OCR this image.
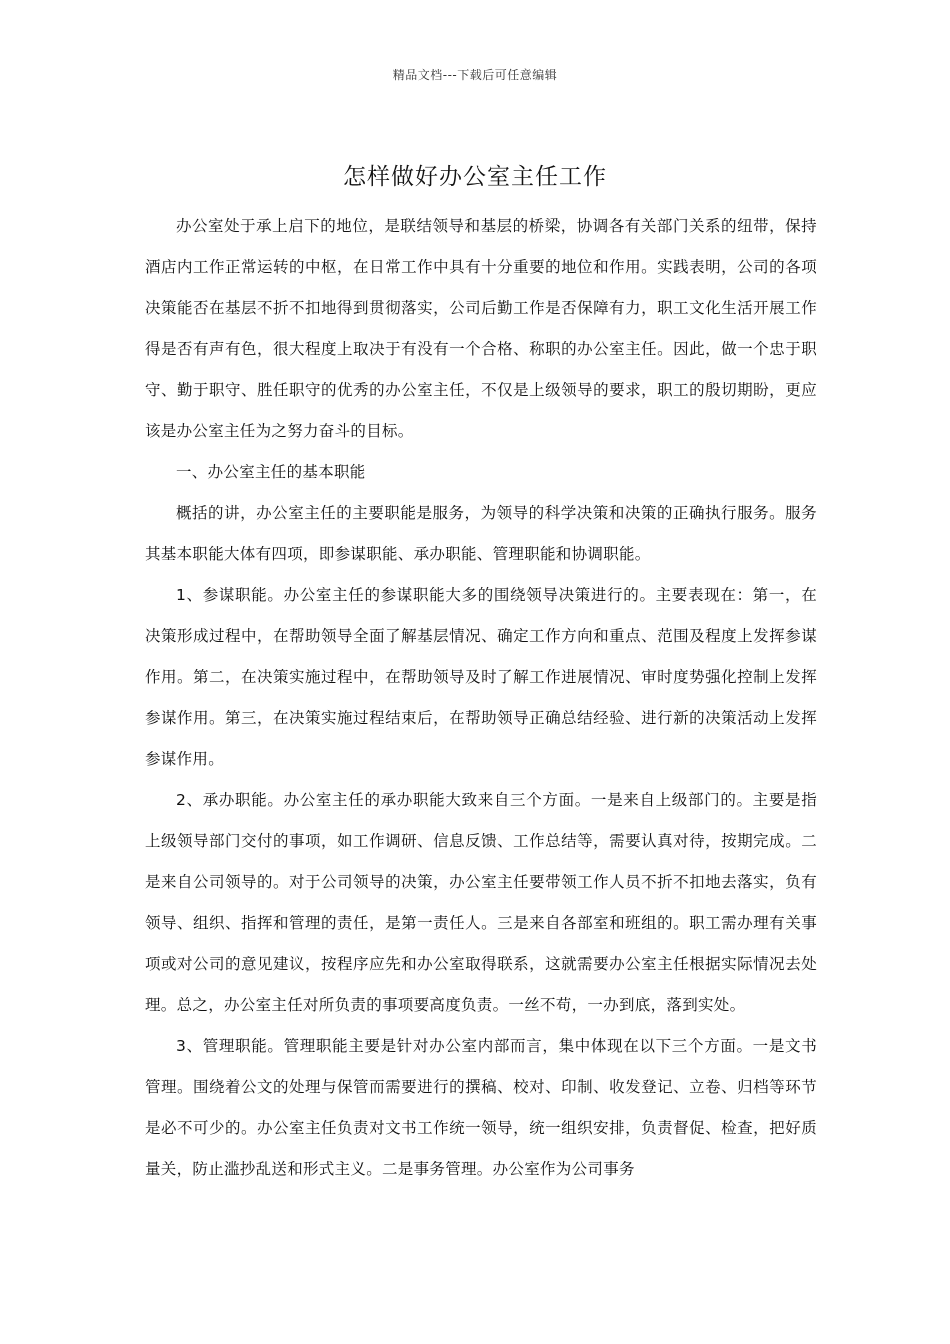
精品文档---下载后可任意编辑
怎样做好办公室主任工作

办公室处于承上启下的地位，是联结领导和基层的桥梁，协调各有关部门关系的纽带，保持酒店内工作正常运转的中枢，在日常工作中具有十分重要的地位和作用。实践表明，公司的各项决策能否在基层不折不扣地得到贯彻落实，公司后勤工作是否保障有力，职工文化生活开展工作得是否有声有色，很大程度上取决于有没有一个合格、称职的办公室主任。因此，做一个忠于职守、勤于职守、胜任职守的优秀的办公室主任，不仅是上级领导的要求，职工的殷切期盼，更应该是办公室主任为之努力奋斗的目标。

一、办公室主任的基本职能

概括的讲，办公室主任的主要职能是服务，为领导的科学决策和决策的正确执行服务。服务其基本职能大体有四项，即参谋职能、承办职能、管理职能和协调职能。

1、参谋职能。办公室主任的参谋职能大多的围绕领导决策进行的。主要表现在：第一，在决策形成过程中，在帮助领导全面了解基层情况、确定工作方向和重点、范围及程度上发挥参谋作用。第二，在决策实施过程中，在帮助领导及时了解工作进展情况、审时度势强化控制上发挥参谋作用。第三，在决策实施过程结束后，在帮助领导正确总结经验、进行新的决策活动上发挥参谋作用。

2、承办职能。办公室主任的承办职能大致来自三个方面。一是来自上级部门的。主要是指上级领导部门交付的事项，如工作调研、信息反馈、工作总结等，需要认真对待，按期完成。二是来自公司领导的。对于公司领导的决策，办公室主任要带领工作人员不折不扣地去落实，负有领导、组织、指挥和管理的责任，是第一责任人。三是来自各部室和班组的。职工需办理有关事项或对公司的意见建议，按程序应先和办公室取得联系，这就需要办公室主任根据实际情况去处理。总之，办公室主任对所负责的事项要高度负责。一丝不苟，一办到底，落到实处。

3、管理职能。管理职能主要是针对办公室内部而言，集中体现在以下三个方面。一是文书管理。围绕着公文的处理与保管而需要进行的撰稿、校对、印制、收发登记、立卷、归档等环节是必不可少的。办公室主任负责对文书工作统一领导，统一组织安排，负责督促、检查，把好质量关，防止滥抄乱送和形式主义。二是事务管理。办公室作为公司事务
